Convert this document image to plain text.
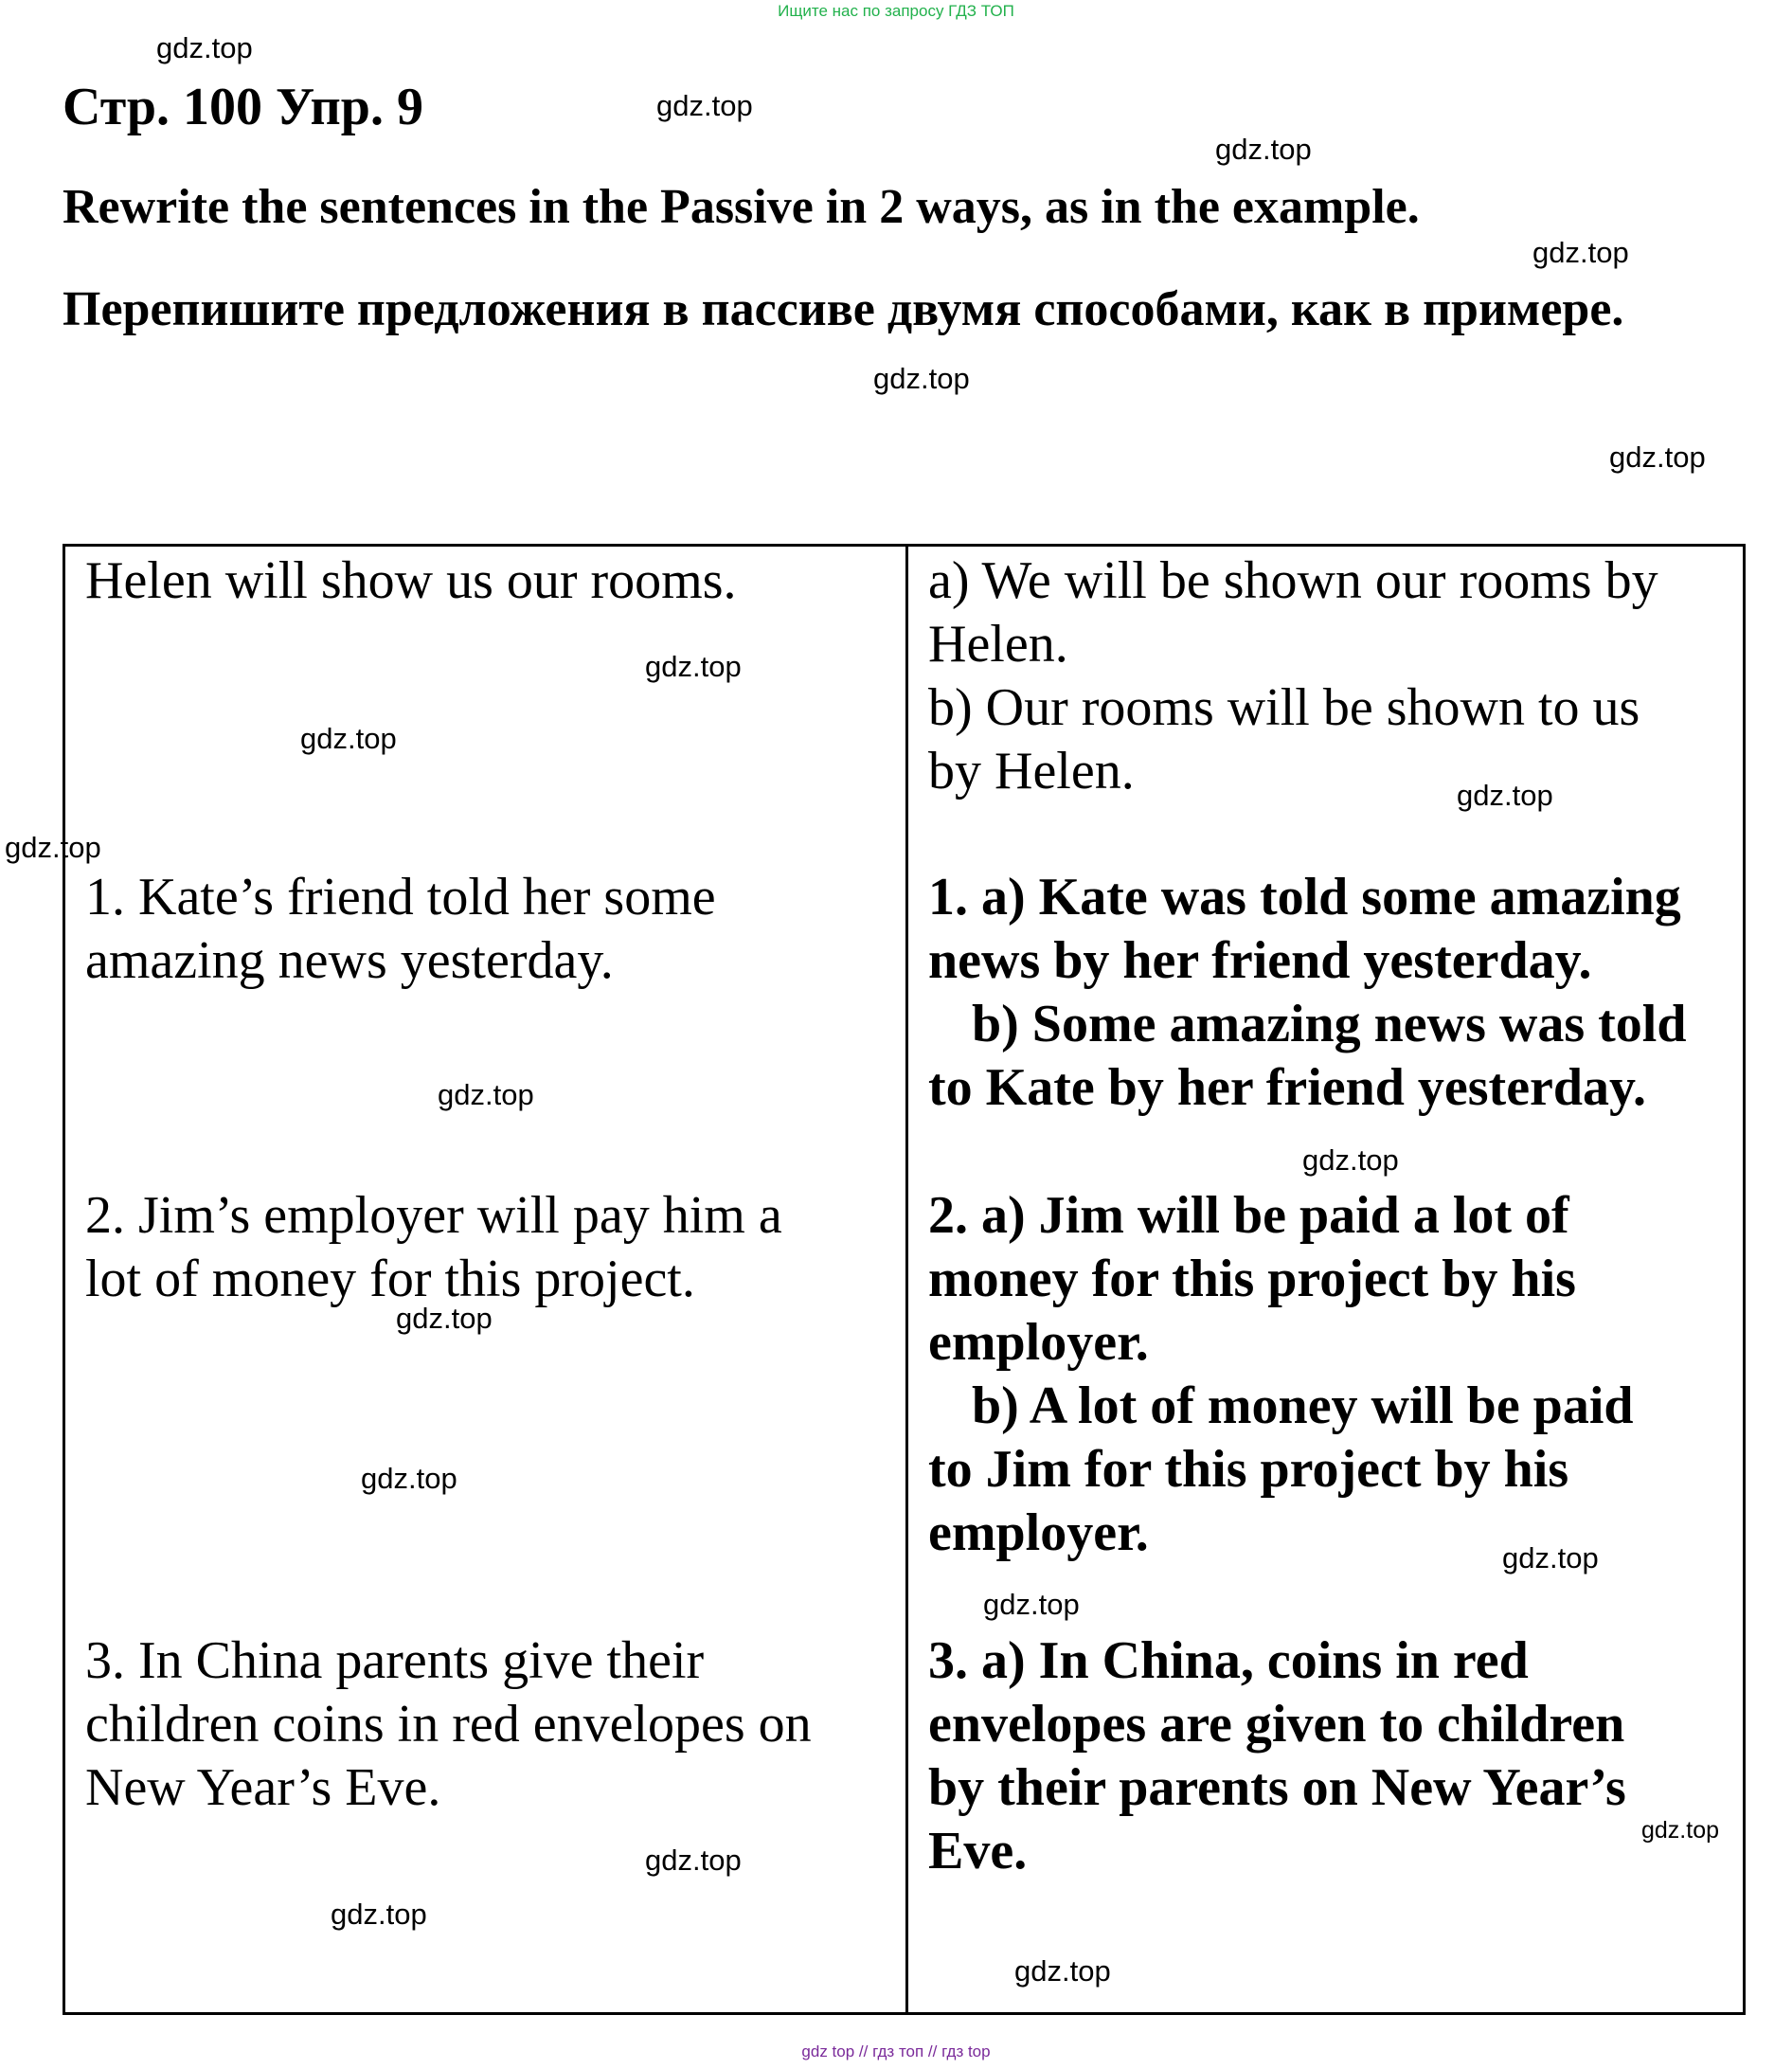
Ищите нас по запросу ГДЗ ТОП
Стр. 100 Упр. 9
Rewrite the sentences in the Passive in 2 ways, as in the example.
Перепишите предложения в пассиве двумя способами, как в примере.
Helen will show us our rooms.	a) We will be shown our rooms by
Helen.
b) Our rooms will be shown to us
by Helen.
1. Kate’s friend told her some
amazing news yesterday.
1. a) Kate was told some amazing
news by her friend yesterday.
b) Some amazing news was told
to Kate by her friend yesterday.
2. Jim’s employer will pay him a
lot of money for this project.
2. a) Jim will be paid a lot of
money for this project by his
employer.
b) A lot of money will be paid
to Jim for this project by his
employer.
3. In China parents give their
children coins in red envelopes on
New Year’s Eve.
3. a) In China, coins in red
envelopes are given to children
by their parents on New Year’s
Eve.
gdz.top
gdz.top
gdz.top
gdz.top
gdz.top
gdz.top
gdz.top
gdz.top
gdz.top
gdz.top
gdz.top
gdz.top
gdz.top
gdz.top
gdz.top
gdz.top
gdz.top
gdz.top
gdz.top
gdz.top
gdz top // гдз топ // гдз top
